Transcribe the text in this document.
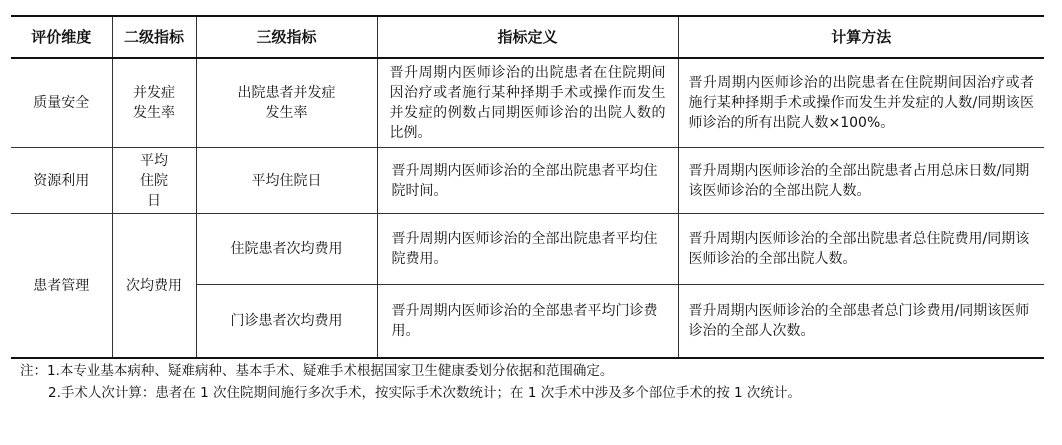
评价维度	二级指标	三级指标	指标定义	计算方法
质量安全	并发症发生率	出院患者并发症发生率	晋升周期内医师诊治的出院患者在住院期间因治疗或者施行某种择期手术或操作而发生并发症的例数占同期医师诊治的出院人数的比例。	晋升周期内医师诊治的出院患者在住院期间因治疗或者施行某种择期手术或操作而发生并发症的人数/同期该医师诊治的所有出院人数×100%。
资源利用	平均住院日	平均住院日	晋升周期内医师诊治的全部出院患者平均住院时间。	晋升周期内医师诊治的全部出院患者占用总床日数/同期该医师诊治的全部出院人数。
患者管理	次均费用	住院患者次均费用	晋升周期内医师诊治的全部出院患者平均住院费用。	晋升周期内医师诊治的全部出院患者总住院费用/同期该医师诊治的全部出院人数。
		门诊患者次均费用	晋升周期内医师诊治的全部患者平均门诊费用。	晋升周期内医师诊治的全部患者总门诊费用/同期该医师诊治的全部人次数。
注：1.本专业基本病种、疑难病种、基本手术、疑难手术根据国家卫生健康委划分依据和范围确定。
2.手术人次计算：患者在 1 次住院期间施行多次手术，按实际手术次数统计；在 1 次手术中涉及多个部位手术的按 1 次统计。
